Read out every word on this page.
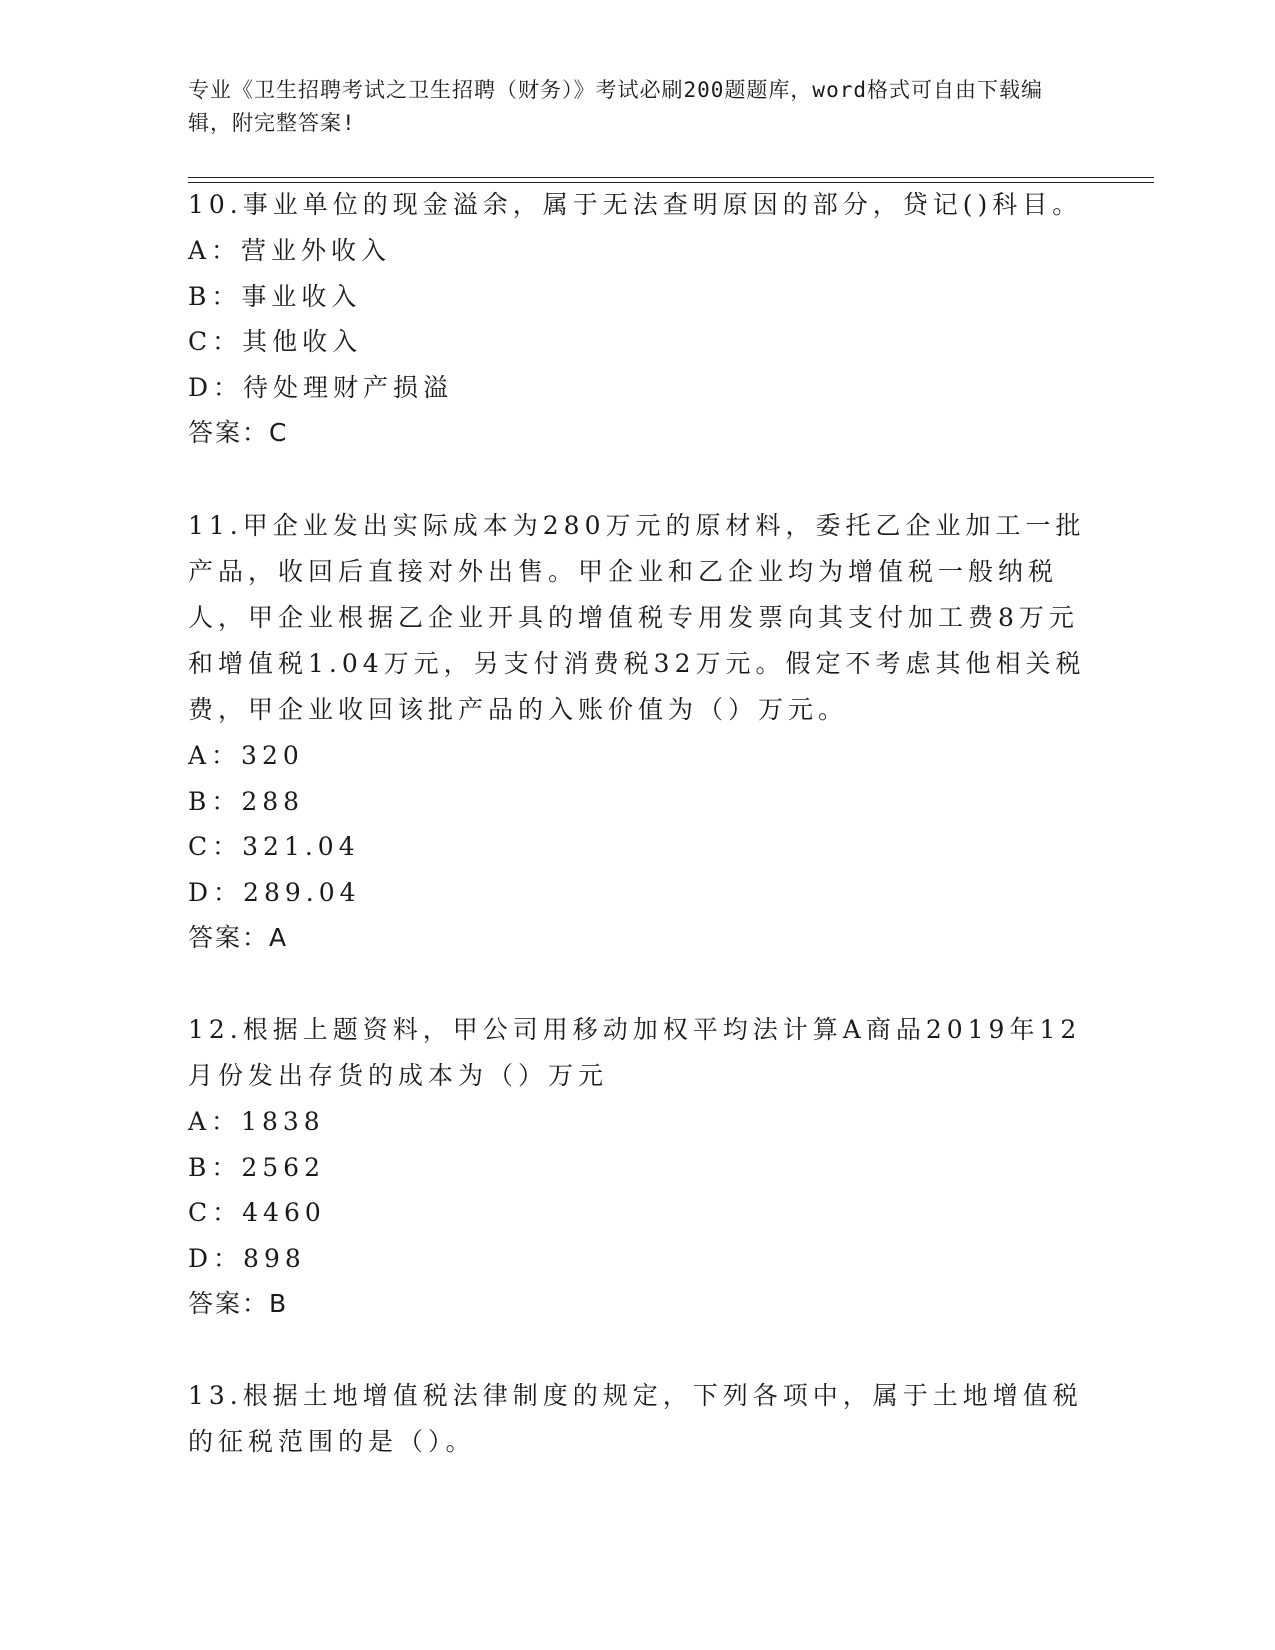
专业《卫生招聘考试之卫生招聘（财务）》考试必刷200题题库，word格式可自由下载编辑，附完整答案!
10.事业单位的现金溢余，属于无法查明原因的部分，贷记()科目。
A：营业外收入
B：事业收入
C：其他收入
D：待处理财产损溢
答案：C
11.甲企业发出实际成本为280万元的原材料，委托乙企业加工一批产品，收回后直接对外出售。甲企业和乙企业均为增值税一般纳税人，甲企业根据乙企业开具的增值税专用发票向其支付加工费8万元和增值税1.04万元，另支付消费税32万元。假定不考虑其他相关税费，甲企业收回该批产品的入账价值为（）万元。
A：320
B：288
C：321.04
D：289.04
答案：A
12.根据上题资料，甲公司用移动加权平均法计算A商品2019年12月份发出存货的成本为（）万元
A：1838
B：2562
C：4460
D：898
答案：B
13.根据土地增值税法律制度的规定，下列各项中，属于土地增值税的征税范围的是（）。
